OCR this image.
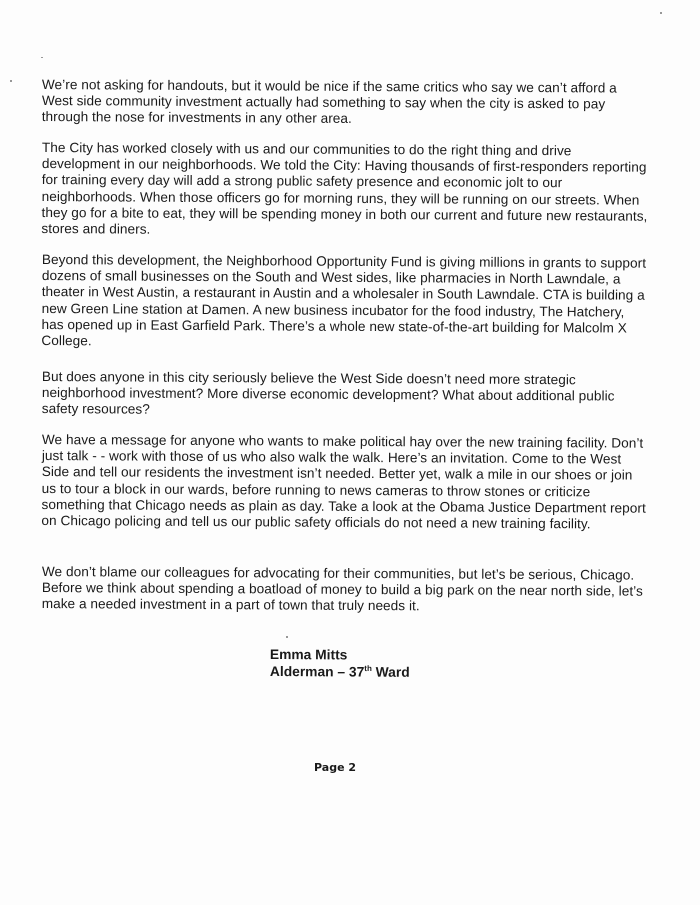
We’re not asking for handouts, but it would be nice if the same critics who say we can’t afford a West side community investment actually had something to say when the city is asked to pay through the nose for investments in any other area.

The City has worked closely with us and our communities to do the right thing and drive development in our neighborhoods. We told the City: Having thousands of first-responders reporting for training every day will add a strong public safety presence and economic jolt to our neighborhoods. When those officers go for morning runs, they will be running on our streets. When they go for a bite to eat, they will be spending money in both our current and future new restaurants, stores and diners.

Beyond this development, the Neighborhood Opportunity Fund is giving millions in grants to support dozens of small businesses on the South and West sides, like pharmacies in North Lawndale, a theater in West Austin, a restaurant in Austin and a wholesaler in South Lawndale. CTA is building a new Green Line station at Damen. A new business incubator for the food industry, The Hatchery, has opened up in East Garfield Park. There’s a whole new state-of-the-art building for Malcolm X College.

But does anyone in this city seriously believe the West Side doesn’t need more strategic neighborhood investment? More diverse economic development? What about additional public safety resources?

We have a message for anyone who wants to make political hay over the new training facility. Don’t just talk - - work with those of us who also walk the walk. Here’s an invitation. Come to the West Side and tell our residents the investment isn’t needed. Better yet, walk a mile in our shoes or join us to tour a block in our wards, before running to news cameras to throw stones or criticize something that Chicago needs as plain as day. Take a look at the Obama Justice Department report on Chicago policing and tell us our public safety officials do not need a new training facility.

We don’t blame our colleagues for advocating for their communities, but let’s be serious, Chicago. Before we think about spending a boatload of money to build a big park on the near north side, let’s make a needed investment in a part of town that truly needs it.

Emma Mitts
Alderman – 37th Ward
Page 2
